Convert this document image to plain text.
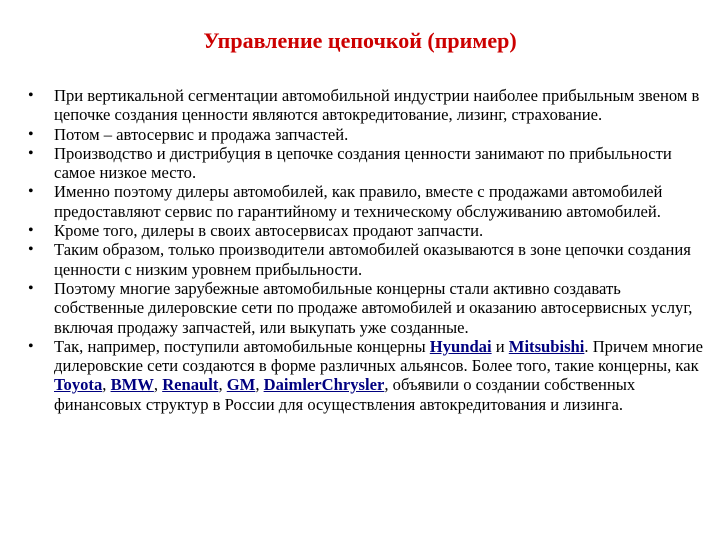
Управление цепочкой (пример)
•	При вертикальной сегментации автомобильной индустрии наиболее прибыльным звеном в цепочке создания ценности являются автокредитование, лизинг, страхование.
•	Потом – автосервис и продажа запчастей.
•	Производство и дистрибуция в цепочке создания ценности занимают по прибыльности самое низкое место.
•	Именно поэтому дилеры автомобилей, как правило, вместе с продажами автомобилей предоставляют сервис по гарантийному и техническому обслуживанию автомобилей.
•	Кроме того, дилеры в своих автосервисах продают запчасти.
•	Таким образом, только производители автомобилей оказываются в зоне цепочки создания ценности с низким уровнем прибыльности.
•	Поэтому многие зарубежные автомобильные концерны стали активно создавать собственные дилеровские сети по продаже автомобилей и оказанию автосервисных услуг, включая продажу запчастей, или выкупать уже созданные.
•	Так, например, поступили автомобильные концерны Hyundai и Mitsubishi. Причем многие дилеровские сети создаются в форме различных альянсов. Более того, такие концерны, как Toyota, BMW, Renault, GM, DaimlerChrysler, объявили о создании собственных финансовых структур в России для осуществления автокредитования и лизинга.
